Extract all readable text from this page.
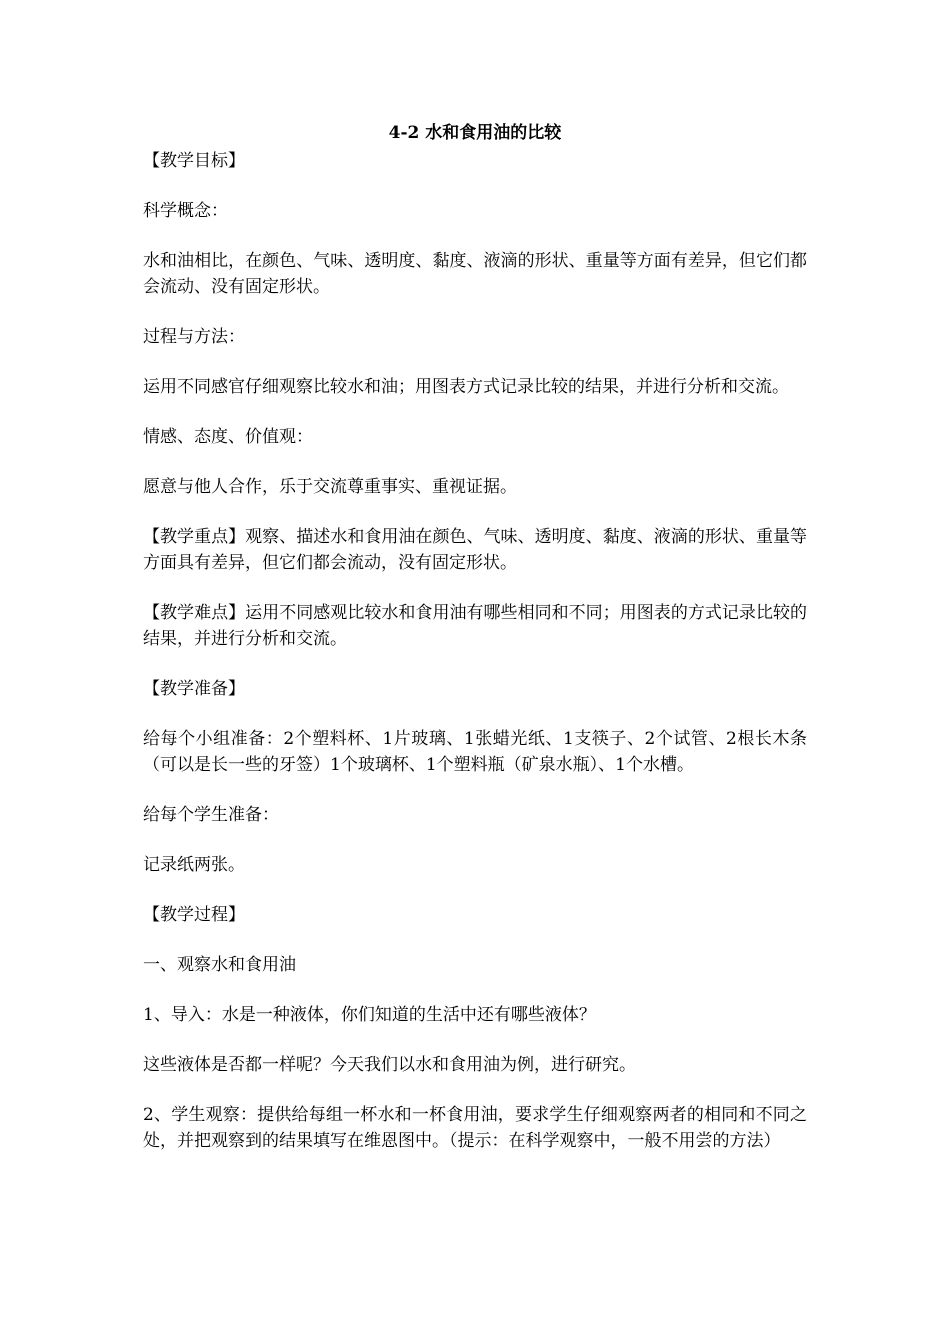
4-2 水和食用油的比较

【教学目标】

科学概念：

水和油相比，在颜色、气味、透明度、黏度、液滴的形状、重量等方面有差异，但它们都会流动、没有固定形状。

过程与方法：

运用不同感官仔细观察比较水和油；用图表方式记录比较的结果，并进行分析和交流。

情感、态度、价值观：

愿意与他人合作，乐于交流尊重事实、重视证据。

【教学重点】观察、描述水和食用油在颜色、气味、透明度、黏度、液滴的形状、重量等方面具有差异，但它们都会流动，没有固定形状。

【教学难点】运用不同感观比较水和食用油有哪些相同和不同；用图表的方式记录比较的结果，并进行分析和交流。

【教学准备】

给每个小组准备：2个塑料杯、1片玻璃、1张蜡光纸、1支筷子、2个试管、2根长木条（可以是长一些的牙签）1个玻璃杯、1个塑料瓶（矿泉水瓶）、1个水槽。

给每个学生准备：

记录纸两张。

【教学过程】

一、观察水和食用油

1、导入：水是一种液体，你们知道的生活中还有哪些液体？

这些液体是否都一样呢？今天我们以水和食用油为例，进行研究。

2、学生观察：提供给每组一杯水和一杯食用油，要求学生仔细观察两者的相同和不同之处，并把观察到的结果填写在维恩图中。（提示：在科学观察中，一般不用尝的方法）
